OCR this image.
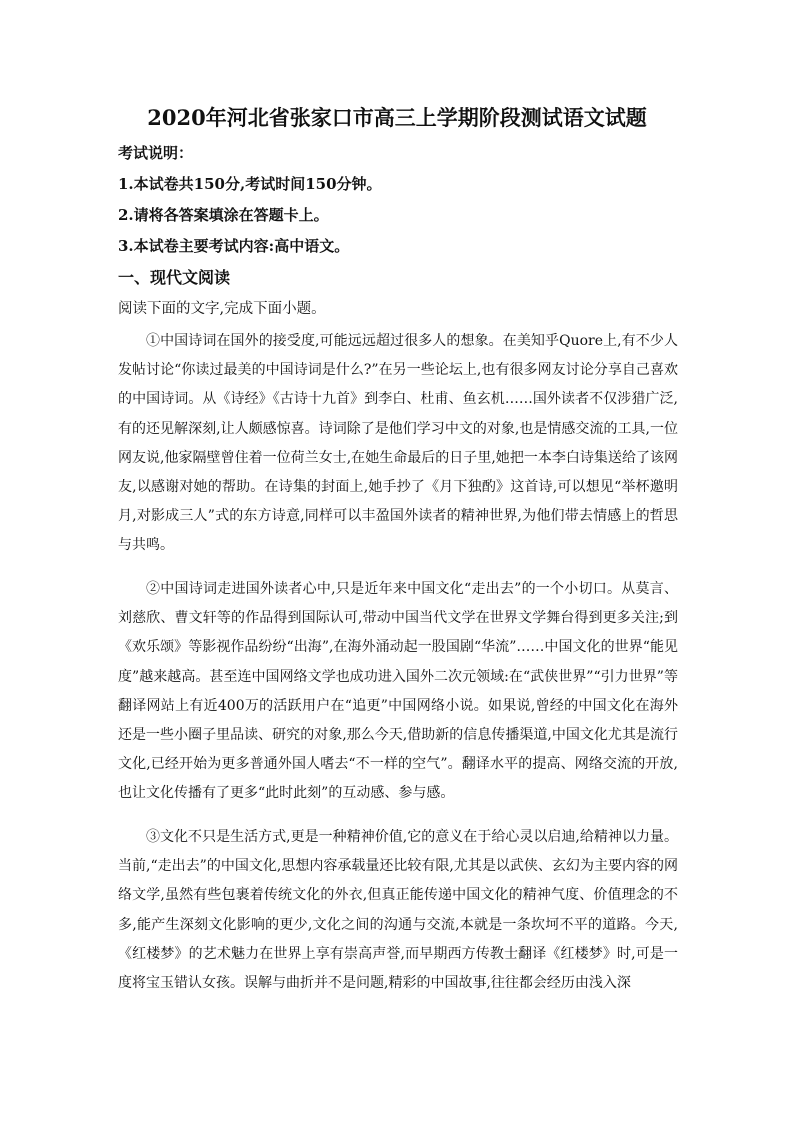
2020年河北省张家口市高三上学期阶段测试语文试题
考试说明：
1.本试卷共150分,考试时间150分钟。
2.请将各答案填涂在答题卡上。
3.本试卷主要考试内容:高中语文。
一、现代文阅读
阅读下面的文字,完成下面小题。
①中国诗词在国外的接受度,可能远远超过很多人的想象。在美知乎Quore上,有不少人发帖讨论“你读过最美的中国诗词是什么?”在另一些论坛上,也有很多网友讨论分享自己喜欢的中国诗词。从《诗经》《古诗十九首》到李白、杜甫、鱼玄机……国外读者不仅涉猎广泛,有的还见解深刻,让人颇感惊喜。诗词除了是他们学习中文的对象,也是情感交流的工具,一位网友说,他家隔壁曾住着一位荷兰女士,在她生命最后的日子里,她把一本李白诗集送给了该网友,以感谢对她的帮助。在诗集的封面上,她手抄了《月下独酌》这首诗,可以想见“举杯邀明月,对影成三人”式的东方诗意,同样可以丰盈国外读者的精神世界,为他们带去情感上的哲思与共鸣。
②中国诗词走进国外读者心中,只是近年来中国文化“走出去”的一个小切口。从莫言、刘慈欣、曹文轩等的作品得到国际认可,带动中国当代文学在世界文学舞台得到更多关注;到《欢乐颂》等影视作品纷纷“出海”,在海外涌动起一股国剧“华流”……中国文化的世界“能见度”越来越高。甚至连中国网络文学也成功进入国外二次元领域:在“武侠世界”“引力世界”等翻译网站上有近400万的活跃用户在“追更”中国网络小说。如果说,曾经的中国文化在海外还是一些小圈子里品读、研究的对象,那么今天,借助新的信息传播渠道,中国文化尤其是流行文化,已经开始为更多普通外国人嗜去“不一样的空气”。翻译水平的提高、网络交流的开放,也让文化传播有了更多“此时此刻”的互动感、参与感。
③文化不只是生活方式,更是一种精神价值,它的意义在于给心灵以启迪,给精神以力量。当前,“走出去”的中国文化,思想内容承载量还比较有限,尤其是以武侠、玄幻为主要内容的网络文学,虽然有些包裹着传统文化的外衣,但真正能传递中国文化的精神气度、价值理念的不多,能产生深刻文化影响的更少,文化之间的沟通与交流,本就是一条坎坷不平的道路。今天,《红楼梦》的艺术魅力在世界上享有崇高声誉,而早期西方传教士翻译《红楼梦》时,可是一度将宝玉错认女孩。误解与曲折并不是问题,精彩的中国故事,往往都会经历由浅入深
